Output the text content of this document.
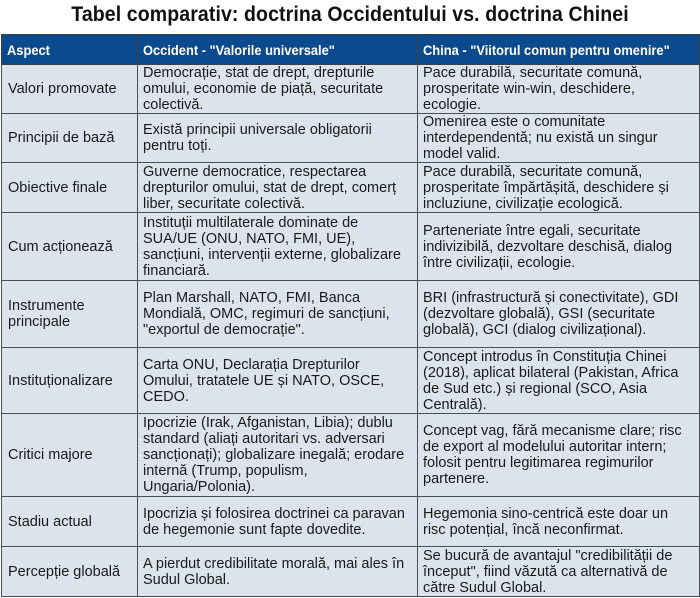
Tabel comparativ: doctrina Occidentului vs. doctrina Chinei
Aspect	Occident - "Valorile universale"	China - "Viitorul comun pentru omenire"
Valori promovate	Democrație, stat de drept, drepturile omului, economie de piață, securitate colectivă.	Pace durabilă, securitate comună, prosperitate win-win, deschidere, ecologie.
Principii de bază	Există principii universale obligatorii pentru toți.	Omenirea este o comunitate interdependentă; nu există un singur model valid.
Obiective finale	Guverne democratice, respectarea drepturilor omului, stat de drept, comerț liber, securitate colectivă.	Pace durabilă, securitate comună, prosperitate împărtășită, deschidere și incluziune, civilizație ecologică.
Cum acționează	Instituții multilaterale dominate de SUA/UE (ONU, NATO, FMI, UE), sancțiuni, intervenții externe, globalizare financiară.	Parteneriate între egali, securitate indivizibilă, dezvoltare deschisă, dialog între civilizații, ecologie.
Instrumente principale	Plan Marshall, NATO, FMI, Banca Mondială, OMC, regimuri de sancțiuni, "exportul de democrație".	BRI (infrastructură și conectivitate), GDI (dezvoltare globală), GSI (securitate globală), GCI (dialog civilizațional).
Instituționalizare	Carta ONU, Declarația Drepturilor Omului, tratatele UE și NATO, OSCE, CEDO.	Concept introdus în Constituția Chinei (2018), aplicat bilateral (Pakistan, Africa de Sud etc.) și regional (SCO, Asia Centrală).
Critici majore	Ipocrizie (Irak, Afganistan, Libia); dublu standard (aliați autoritari vs. adversari sancționați); globalizare inegală; erodare internă (Trump, populism, Ungaria/Polonia).	Concept vag, fără mecanisme clare; risc de export al modelului autoritar intern; folosit pentru legitimarea regimurilor partenere.
Stadiu actual	Ipocrizia și folosirea doctrinei ca paravan de hegemonie sunt fapte dovedite.	Hegemonia sino-centrică este doar un risc potențial, încă neconfirmat.
Percepție globală	A pierdut credibilitate morală, mai ales în Sudul Global.	Se bucură de avantajul "credibilității de început", fiind văzută ca alternativă de către Sudul Global.
